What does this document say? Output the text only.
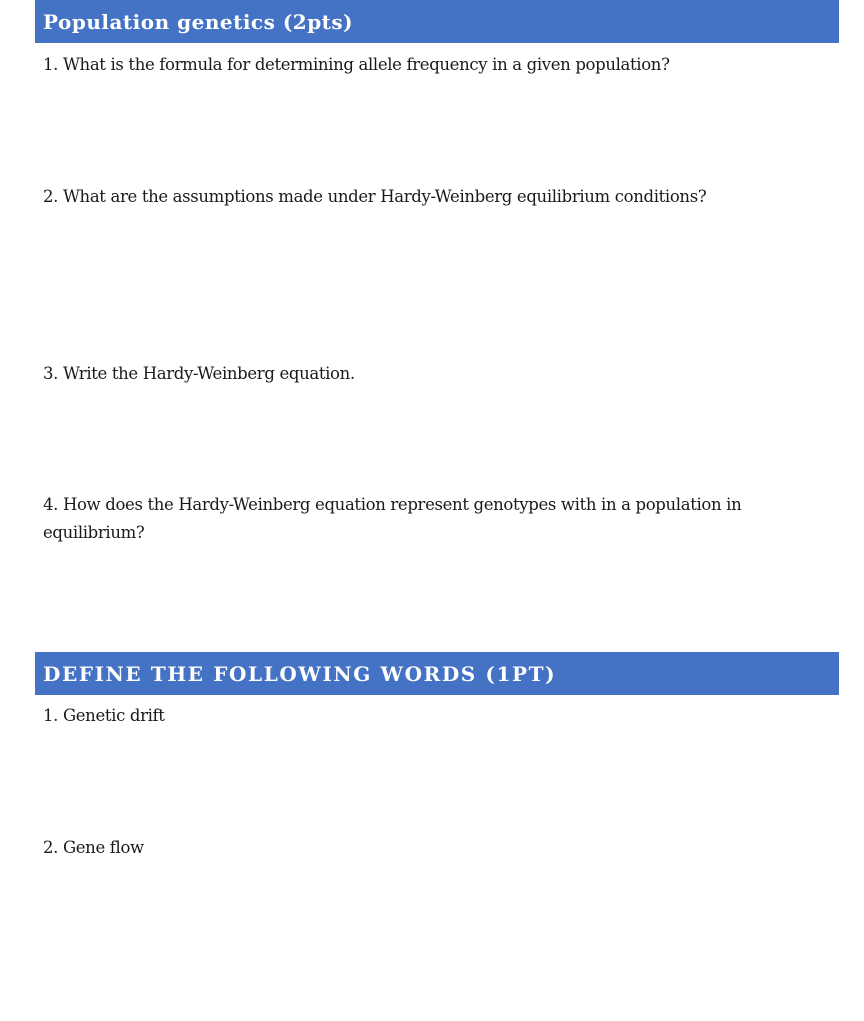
Population genetics (2pts)
1. What is the formula for determining allele frequency in a given population?
2. What are the assumptions made under Hardy-Weinberg equilibrium conditions?
3. Write the Hardy-Weinberg equation.
4. How does the Hardy-Weinberg equation represent genotypes with in a population in equilibrium?
DEFINE THE FOLLOWING WORDS (1PT)
1. Genetic drift
2. Gene flow
